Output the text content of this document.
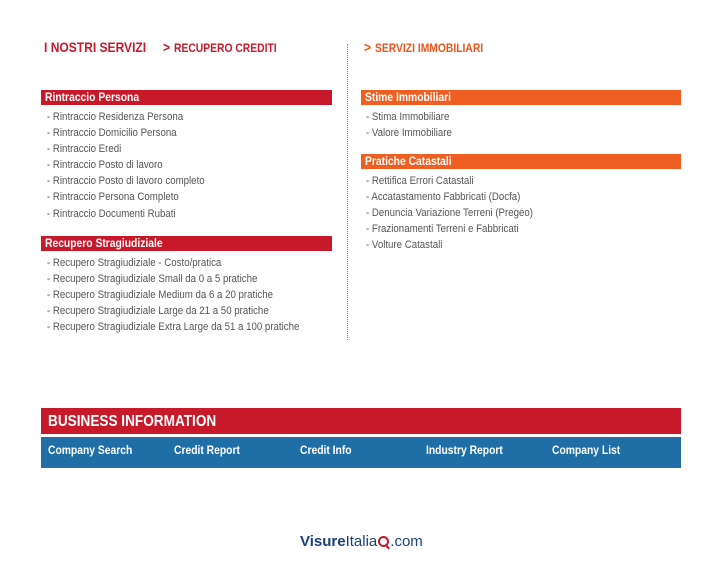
I NOSTRI SERVIZI	> RECUPERO CREDITI	> SERVIZI IMMOBILIARI
Rintraccio Persona
- Rintraccio Residenza Persona
- Rintraccio Domicilio Persona
- Rintraccio Eredi
- Rintraccio Posto di lavoro
- Rintraccio Posto di lavoro completo
- Rintraccio Persona Completo
- Rintraccio Documenti Rubati
Recupero Stragiudiziale
- Recupero Stragiudiziale - Costo/pratica
- Recupero Stragiudiziale Small da 0 a 5 pratiche
- Recupero Stragiudiziale Medium da 6 a 20 pratiche
- Recupero Stragiudiziale Large da 21 a 50 pratiche
- Recupero Stragiudiziale Extra Large da 51 a 100 pratiche
Stime Immobiliari
- Stima Immobiliare
- Valore Immobiliare
Pratiche Catastali
- Rettifica Errori Catastali
- Accatastamento Fabbricati (Docfa)
- Denuncia Variazione Terreni (Pregeo)
- Frazionamenti Terreni e Fabbricati
- Volture Catastali
BUSINESS INFORMATION
Company Search	Credit Report	Credit Info	Industry Report	Company List
VisureItalia .com
